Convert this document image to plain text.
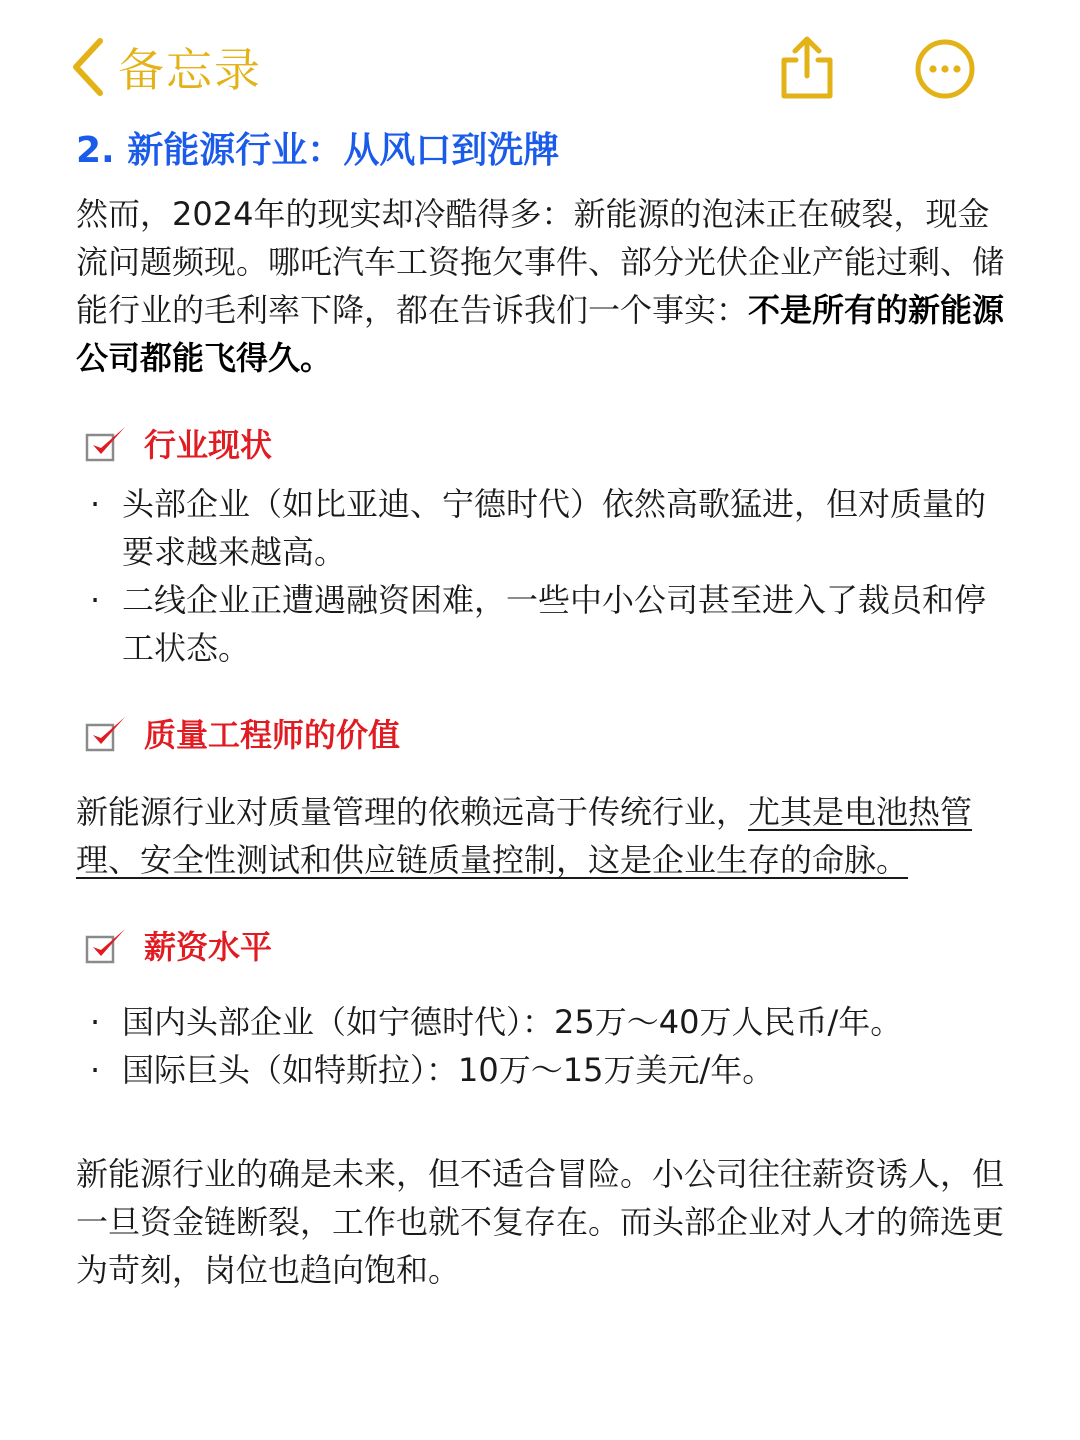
备忘录
2. 新能源行业：从风口到洗牌

然而，2024年的现实却冷酷得多：新能源的泡沫正在破裂，现金流问题频现。哪吒汽车工资拖欠事件、部分光伏企业产能过剩、储能行业的毛利率下降，都在告诉我们一个事实：不是所有的新能源公司都能飞得久。

行业现状
· 头部企业（如比亚迪、宁德时代）依然高歌猛进，但对质量的要求越来越高。
· 二线企业正遭遇融资困难，一些中小公司甚至进入了裁员和停工状态。
质量工程师的价值

新能源行业对质量管理的依赖远高于传统行业，尤其是电池热管理、安全性测试和供应链质量控制，这是企业生存的命脉。

薪资水平
· 国内头部企业（如宁德时代）：25万～40万人民币/年。
· 国际巨头（如特斯拉）：10万～15万美元/年。

新能源行业的确是未来，但不适合冒险。小公司往往薪资诱人，但一旦资金链断裂，工作也就不复存在。而头部企业对人才的筛选更为苛刻，岗位也趋向饱和。
